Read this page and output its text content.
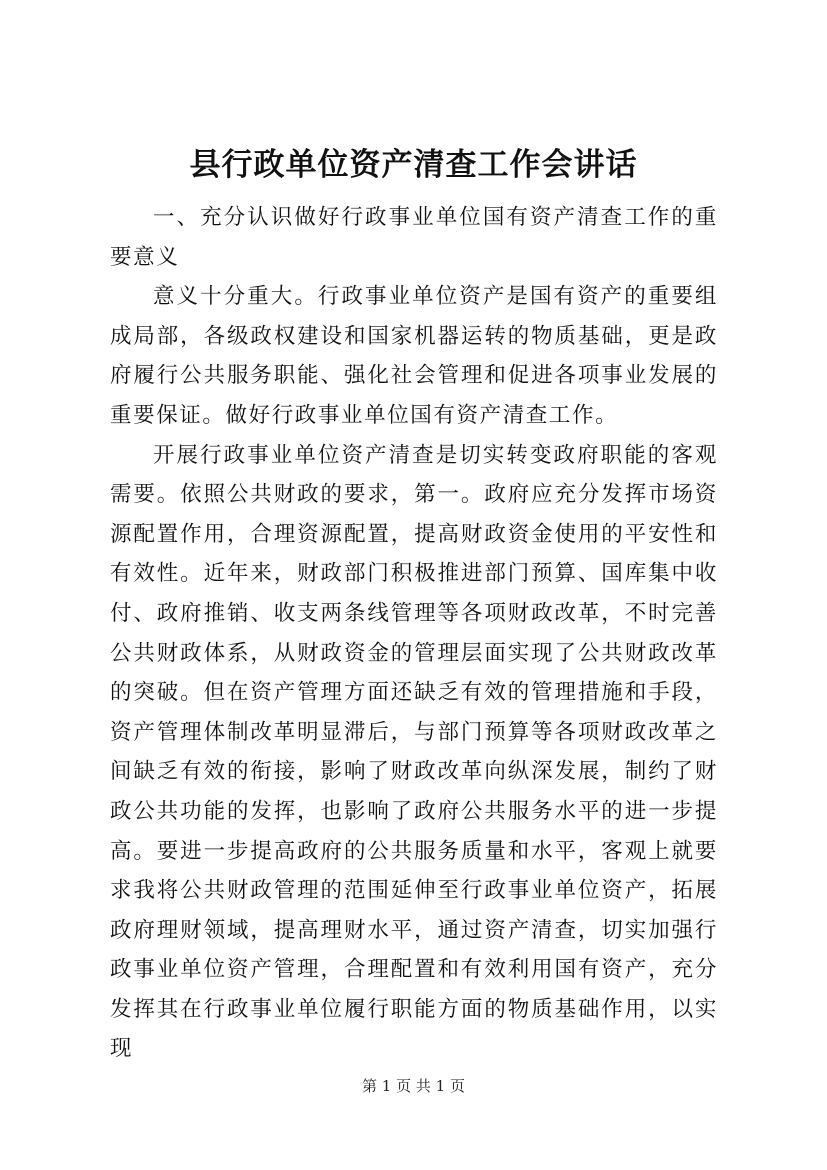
县行政单位资产清查工作会讲话

一、充分认识做好行政事业单位国有资产清查工作的重要意义

意义十分重大。行政事业单位资产是国有资产的重要组成局部，各级政权建设和国家机器运转的物质基础，更是政府履行公共服务职能、强化社会管理和促进各项事业发展的重要保证。做好行政事业单位国有资产清查工作。

开展行政事业单位资产清查是切实转变政府职能的客观需要。依照公共财政的要求，第一。政府应充分发挥市场资源配置作用，合理资源配置，提高财政资金使用的平安性和有效性。近年来，财政部门积极推进部门预算、国库集中收付、政府推销、收支两条线管理等各项财政改革，不时完善公共财政体系，从财政资金的管理层面实现了公共财政改革的突破。但在资产管理方面还缺乏有效的管理措施和手段，资产管理体制改革明显滞后，与部门预算等各项财政改革之间缺乏有效的衔接，影响了财政改革向纵深发展，制约了财政公共功能的发挥，也影响了政府公共服务水平的进一步提高。要进一步提高政府的公共服务质量和水平，客观上就要求我将公共财政管理的范围延伸至行政事业单位资产，拓展政府理财领域，提高理财水平，通过资产清查，切实加强行政事业单位资产管理，合理配置和有效利用国有资产，充分发挥其在行政事业单位履行职能方面的物质基础作用，以实现

第 1 页 共 1 页
